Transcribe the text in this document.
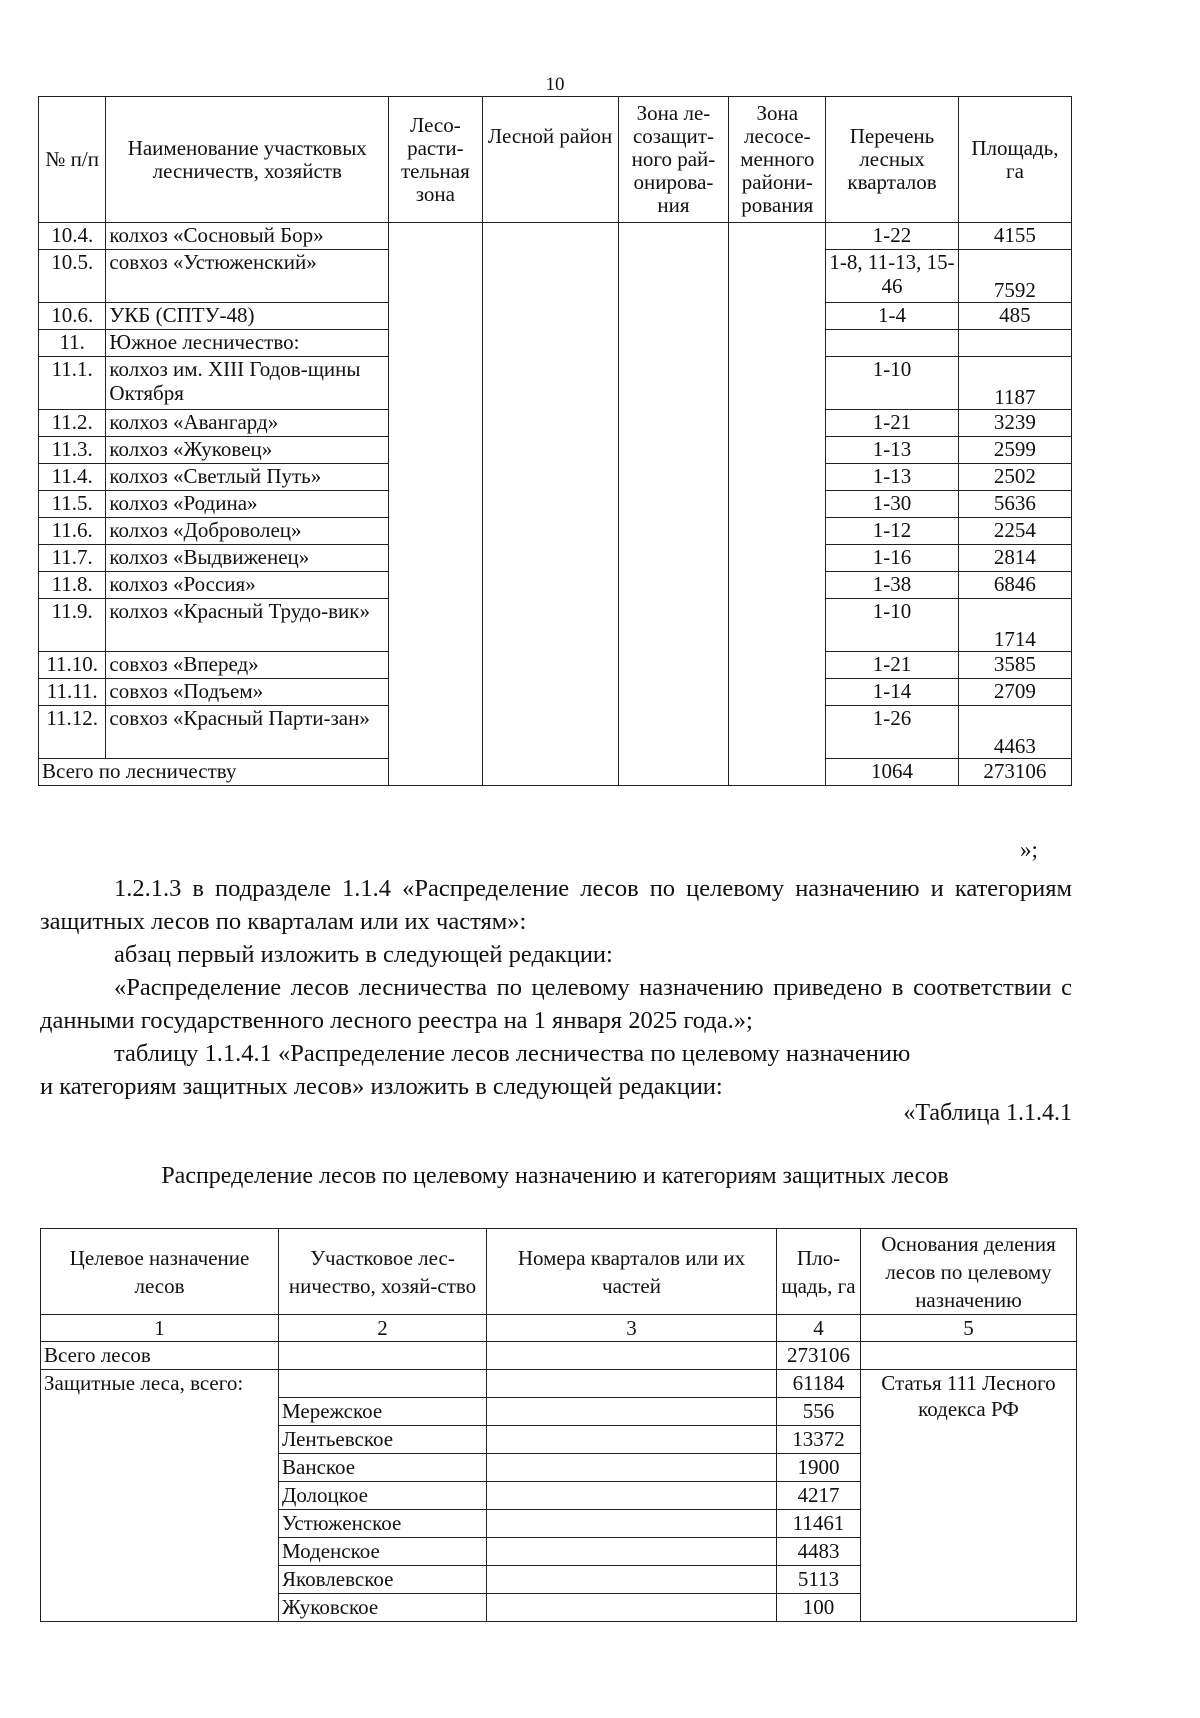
10
№ п/п	Наименование участковых лесничеств, хозяйств	Лесо-расти-тельная зона	Лесной район	Зона ле-созащит-ного рай-онирова-ния	Зона лесосе-менного райони-рования	Перечень лесных кварталов	Площадь, га
10.4.	колхоз «Сосновый Бор»					1-22	4155
10.5.	совхоз «Устюженский»					1-8, 11-13, 15-46	7592
10.6.	УКБ (СПТУ-48)					1-4	485
11.	Южное лесничество:						
11.1.	колхоз им. XIII Годов-щины Октября					1-10	1187
11.2.	колхоз «Авангард»					1-21	3239
11.3.	колхоз «Жуковец»					1-13	2599
11.4.	колхоз «Светлый Путь»					1-13	2502
11.5.	колхоз «Родина»					1-30	5636
11.6.	колхоз «Доброволец»					1-12	2254
11.7.	колхоз «Выдвиженец»					1-16	2814
11.8.	колхоз «Россия»					1-38	6846
11.9.	колхоз «Красный Трудо-вик»					1-10	1714
11.10.	совхоз «Вперед»					1-21	3585
11.11.	совхоз «Подъем»					1-14	2709
11.12.	совхоз «Красный Парти-зан»					1-26	4463
Всего по лесничеству						1064	273106
»;
1.2.1.3 в подразделе 1.1.4 «Распределение лесов по целевому назначению и категориям защитных лесов по кварталам или их частям»:
абзац первый изложить в следующей редакции:
«Распределение лесов лесничества по целевому назначению приведено в соответствии с данными государственного лесного реестра на 1 января 2025 года.»;
таблицу 1.1.4.1 «Распределение лесов лесничества по целевому назначению
и категориям защитных лесов» изложить в следующей редакции:
«Таблица 1.1.4.1
Распределение лесов по целевому назначению и категориям защитных лесов
Целевое назначение лесов	Участковое лес-ничество, хозяй-ство	Номера кварталов или их частей	Пло-щадь, га	Основания деления лесов по целевому назначению
1	2	3	4	5
Всего лесов			273106	
Защитные леса, всего:			61184	Статья 111 Лесного кодекса РФ
	Мережское		556	
	Лентьевское		13372	
	Ванское		1900	
	Долоцкое		4217	
	Устюженское		11461	
	Моденское		4483	
	Яковлевское		5113	
	Жуковское		100	
